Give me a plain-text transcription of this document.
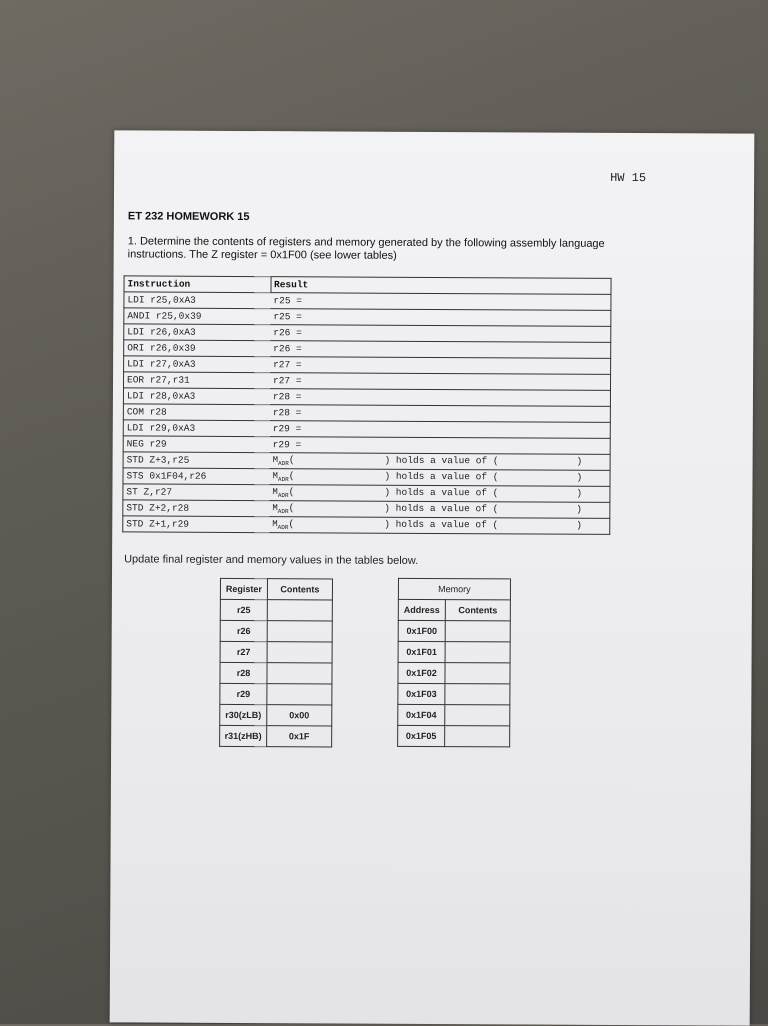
HW 15
ET 232 HOMEWORK 15
1. Determine the contents of registers and memory generated by the following assembly language instructions. The Z register = 0x1F00 (see lower tables)
Instruction	Result
LDI r25,0xA3	r25 =
ANDI r25,0x39	r25 =
LDI r26,0xA3	r26 =
ORI r26,0x39	r26 =
LDI r27,0xA3	r27 =
EOR r27,r31	r27 =
LDI r28,0xA3	r28 =
COM r28	r28 =
LDI r29,0xA3	r29 =
NEG r29	r29 =
STD Z+3,r25	$M_{ADR}$( ) holds a value of ( )
STS 0x1F04,r26	$M_{ADR}$( ) holds a value of ( )
ST Z,r27	$M_{ADR}$( ) holds a value of ( )
STD Z+2,r28	$M_{ADR}$( ) holds a value of ( )
STD Z+1,r29	$M_{ADR}$( ) holds a value of ( )
Update final register and memory values in the tables below.
Register	Contents
r25	
r26	
r27	
r28	
r29	
r30(zLB)	0x00
r31(zHB)	0x1F
Memory	
Address	Contents
0x1F00	
0x1F01	
0x1F02	
0x1F03	
0x1F04	
0x1F05	
